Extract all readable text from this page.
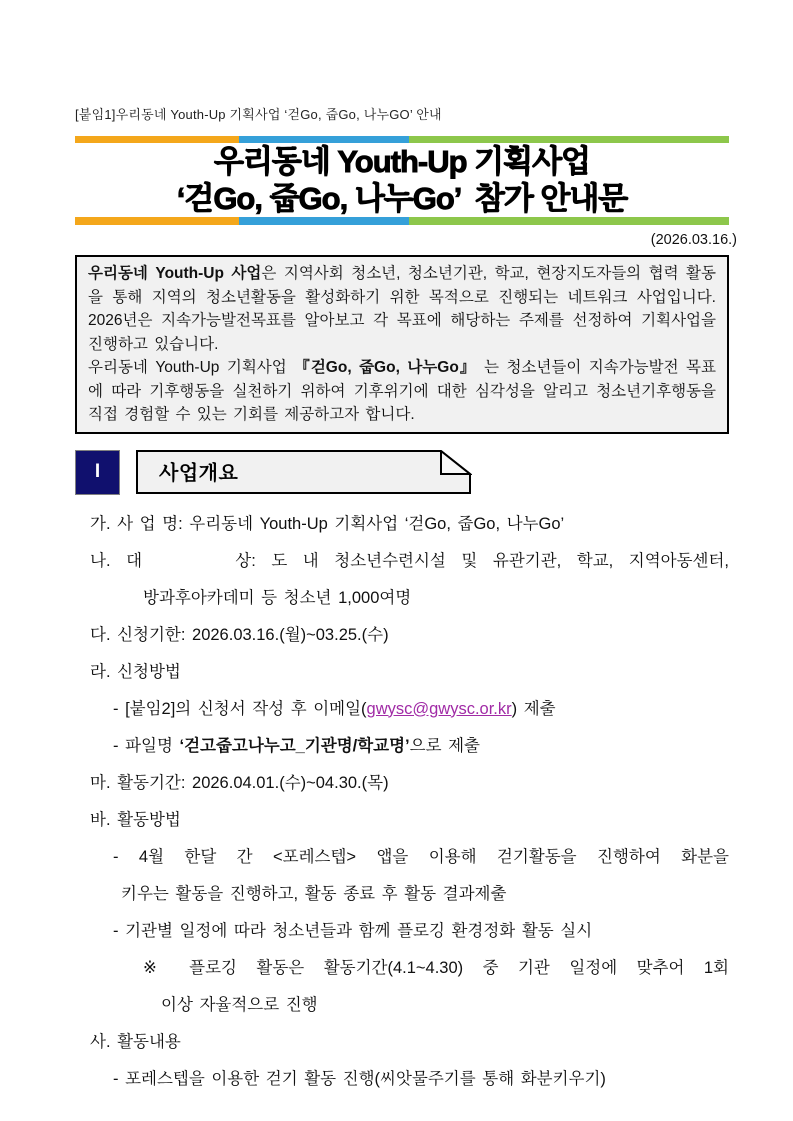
[붙임1]우리동네 Youth-Up 기획사업 ‘걷Go, 줍Go, 나누GO’ 안내
우리동네 Youth-Up 기획사업
‘걷Go, 줍Go, 나누Go’  참가 안내문
(2026.03.16.)

우리동네 Youth-Up 사업은 지역사회 청소년, 청소년기관, 학교, 현장지도자들의 협력 활동을 통해 지역의 청소년활동을 활성화하기 위한 목적으로 진행되는 네트워크 사업입니다. 2026년은 지속가능발전목표를 알아보고 각 목표에 해당하는 주제를 선정하여 기획사업을 진행하고 있습니다.

우리동네 Youth-Up 기획사업 『걷Go, 줍Go, 나누Go』 는 청소년들이 지속가능발전 목표에 따라 기후행동을 실천하기 위하여 기후위기에 대한 심각성을 알리고 청소년기후행동을 직접 경험할 수 있는 기회를 제공하고자 합니다.

I	사업개요
가. 사 업 명: 우리동네 Youth-Up 기획사업 ‘걷Go, 줍Go, 나누Go’
나. 대      상: 도 내 청소년수련시설 및 유관기관, 학교, 지역아동센터,
방과후아카데미 등 청소년 1,000여명
다. 신청기한: 2026.03.16.(월)~03.25.(수)
라. 신청방법
- [붙임2]의 신청서 작성 후 이메일(gwysc@gwysc.or.kr) 제출
- 파일명 ‘걷고줍고나누고_기관명/학교명’으로 제출
마. 활동기간: 2026.04.01.(수)~04.30.(목)
바. 활동방법
- 4월 한달 간 <포레스텝> 앱을 이용해 걷기활동을 진행하여 화분을
키우는 활동을 진행하고, 활동 종료 후 활동 결과제출
- 기관별 일정에 따라 청소년들과 함께 플로깅 환경정화 활동 실시
※ 플로깅 활동은 활동기간(4.1~4.30) 중 기관 일정에 맞추어 1회
이상 자율적으로 진행
사. 활동내용
- 포레스텝을 이용한 걷기 활동 진행(씨앗물주기를 통해 화분키우기)
